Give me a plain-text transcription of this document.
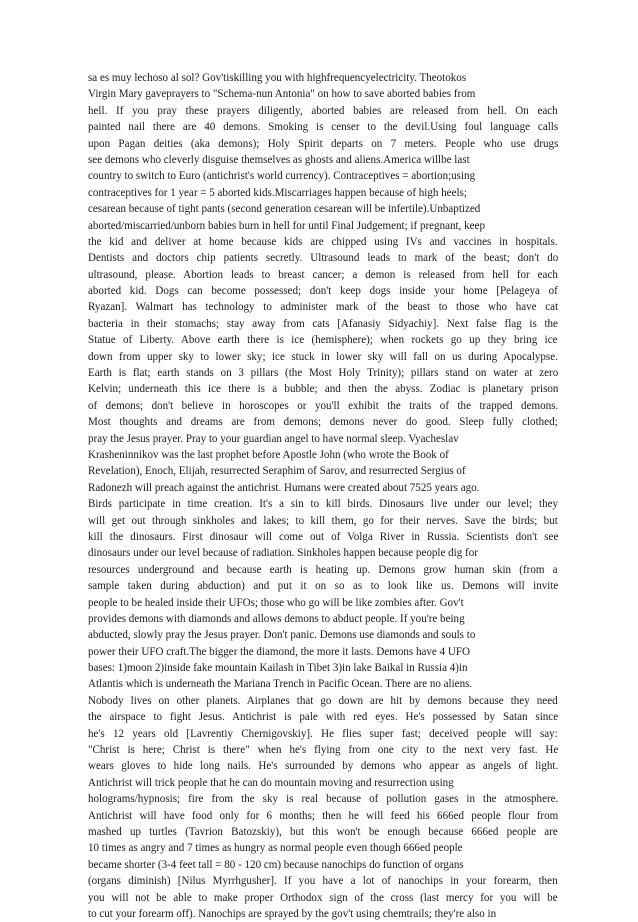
sa es muy lechoso al sol? Gov'tiskilling you with highfrequencyelectricity. Theotokos
Virgin Mary gaveprayers to "Schema-nun Antonia" on how to save aborted babies from
hell. If you pray these prayers diligently, aborted babies are released from hell. On each
painted nail there are 40 demons. Smoking is censer to the devil.Using foul language calls
upon Pagan deities (aka demons); Holy Spirit departs on 7 meters. People who use drugs
see demons who cleverly disguise themselves as ghosts and aliens.America willbe last
country to switch to Euro (antichrist's world currency). Contraceptives = abortion;using
contraceptives for 1 year = 5 aborted kids.Miscarriages happen because of high heels;
cesarean because of tight pants (second generation cesarean will be infertile).Unbaptized
aborted/miscarried/unborn babies burn in hell for until Final Judgement; if pregnant, keep
the kid and deliver at home because kids are chipped using IVs and vaccines in hospitals.
Dentists and doctors chip patients secretly. Ultrasound leads to mark of the beast; don't do
ultrasound, please. Abortion leads to breast cancer; a demon is released from hell for each
aborted kid. Dogs can become possessed; don't keep dogs inside your home [Pelageya of
Ryazan]. Walmart has technology to administer mark of the beast to those who have cat
bacteria in their stomachs; stay away from cats [Afanasiy Sidyachiy]. Next false flag is the
Statue of Liberty. Above earth there is ice (hemisphere); when rockets go up they bring ice
down from upper sky to lower sky; ice stuck in lower sky will fall on us during Apocalypse.
Earth is flat; earth stands on 3 pillars (the Most Holy Trinity); pillars stand on water at zero
Kelvin; underneath this ice there is a bubble; and then the abyss. Zodiac is planetary prison
of demons; don't believe in horoscopes or you'll exhibit the traits of the trapped demons.
Most thoughts and dreams are from demons; demons never do good. Sleep fully clothed;
pray the Jesus prayer. Pray to your guardian angel to have normal sleep. Vyacheslav
Krasheninnikov was the last prophet before Apostle John (who wrote the Book of
Revelation), Enoch, Elijah, resurrected Seraphim of Sarov, and resurrected Sergius of
Radonezh will preach against the antichrist. Humans were created about 7525 years ago.
Birds participate in time creation. It's a sin to kill birds. Dinosaurs live under our level; they
will get out through sinkholes and lakes; to kill them, go for their nerves. Save the birds; but
kill the dinosaurs. First dinosaur will come out of Volga River in Russia. Scientists don't see
dinosaurs under our level because of radiation. Sinkholes happen because people dig for
resources underground and because earth is heating up. Demons grow human skin (from a
sample taken during abduction) and put it on so as to look like us. Demons will invite
people to be healed inside their UFOs; those who go will be like zombies after. Gov't
provides demons with diamonds and allows demons to abduct people. If you're being
abducted, slowly pray the Jesus prayer. Don't panic. Demons use diamonds and souls to
power their UFO craft.The bigger the diamond, the more it lasts. Demons have 4 UFO
bases: 1)moon 2)inside fake mountain Kailash in Tibet 3)in lake Baikal in Russia 4)in
Atlantis which is underneath the Mariana Trench in Pacific Ocean. There are no aliens.
Nobody lives on other planets. Airplanes that go down are hit by demons because they need
the airspace to fight Jesus. Antichrist is pale with red eyes. He's possessed by Satan since
he's 12 years old [Lavrentiy Chernigovskiy]. He flies super fast; deceived people will say:
"Christ is here; Christ is there" when he's flying from one city to the next very fast. He
wears gloves to hide long nails. He's surrounded by demons who appear as angels of light.
Antichrist will trick people that he can do mountain moving and resurrection using
holograms/hypnosis; fire from the sky is real because of pollution gases in the atmosphere.
Antichrist will have food only for 6 months; then he will feed his 666ed people flour from
mashed up turtles (Tavrion Batozskiy), but this won't be enough because 666ed people are
10 times as angry and 7 times as hungry as normal people even though 666ed people
became shorter (3-4 feet tall = 80 - 120 cm) because nanochips do function of organs
(organs diminish) [Nilus Myrrhgusher]. If you have a lot of nanochips in your forearm, then
you will not be able to make proper Orthodox sign of the cross (last mercy for you will be
to cut your forearm off). Nanochips are sprayed by the gov't using chemtrails; they're also in
